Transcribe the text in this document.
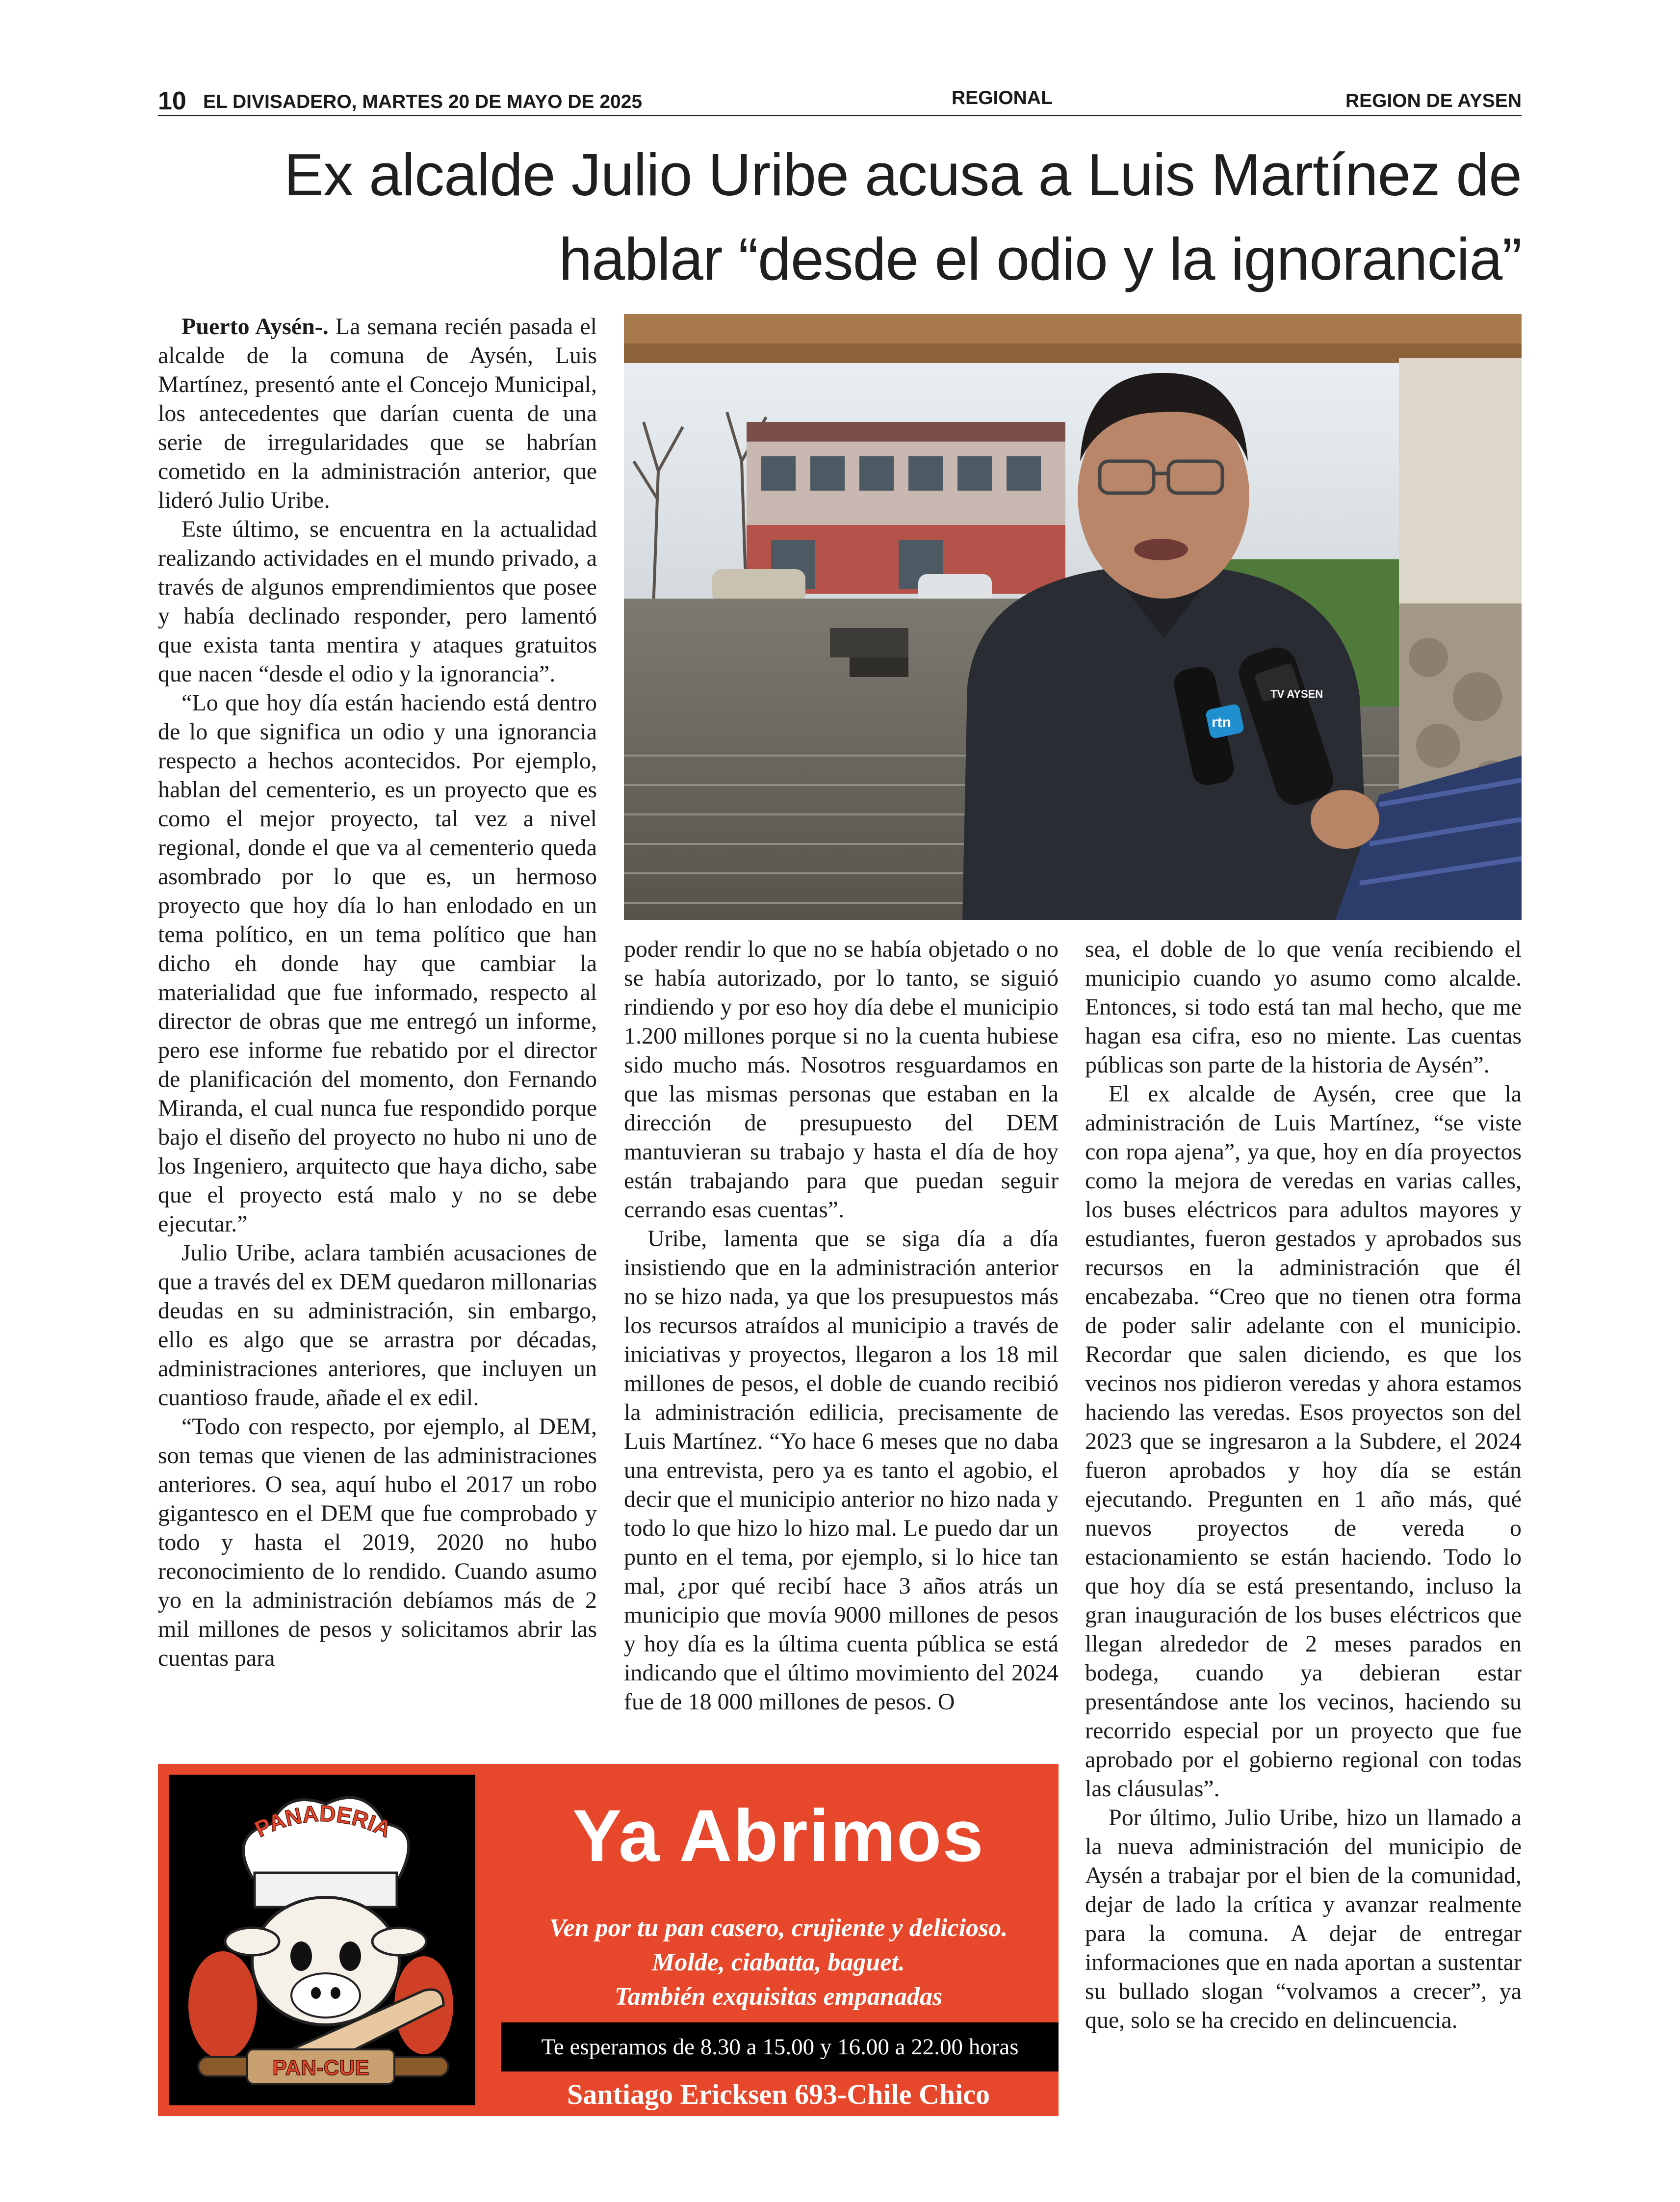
10 EL DIVISADERO, MARTES 20 DE MAYO DE 2025	REGIONAL	REGION DE AYSEN
Ex alcalde Julio Uribe acusa a Luis Martínez de
hablar “desde el odio y la ignorancia”

Puerto Aysén-. La semana recién pasada el alcalde de la comuna de Aysén, Luis Martínez, presentó ante el Concejo Municipal, los antecedentes que darían cuenta de una serie de irregularidades que se habrían cometido en la administración anterior, que lideró Julio Uribe.

Este último, se encuentra en la actualidad realizando actividades en el mundo privado, a través de algunos emprendimientos que posee y había declinado responder, pero lamentó que exista tanta mentira y ataques gratuitos que nacen “desde el odio y la ignorancia”.

“Lo que hoy día están haciendo está dentro de lo que significa un odio y una ignorancia respecto a hechos acontecidos. Por ejemplo, hablan del cementerio, es un proyecto que es como el mejor proyecto, tal vez a nivel regional, donde el que va al cementerio queda asombrado por lo que es, un hermoso proyecto que hoy día lo han enlodado en un tema político, en un tema político que han dicho eh donde hay que cambiar la materialidad que fue informado, respecto al director de obras que me entregó un informe, pero ese informe fue rebatido por el director de planificación del momento, don Fernando Miranda, el cual nunca fue respondido porque bajo el diseño del proyecto no hubo ni uno de los Ingeniero, arquitecto que haya dicho, sabe que el proyecto está malo y no se debe ejecutar.”

Julio Uribe, aclara también acusaciones de que a través del ex DEM quedaron millonarias deudas en su administración, sin embargo, ello es algo que se arrastra por décadas, administraciones anteriores, que incluyen un cuantioso fraude, añade el ex edil.

“Todo con respecto, por ejemplo, al DEM, son temas que vienen de las administraciones anteriores. O sea, aquí hubo el 2017 un robo gigantesco en el DEM que fue comprobado y todo y hasta el 2019, 2020 no hubo reconocimiento de lo rendido. Cuando asumo yo en la administración debíamos más de 2 mil millones de pesos y solicitamos abrir las cuentas para

TV AYSEN
rtn

poder rendir lo que no se había objetado o no se había autorizado, por lo tanto, se siguió rindiendo y por eso hoy día debe el municipio 1.200 millones porque si no la cuenta hubiese sido mucho más. Nosotros resguardamos en que las mismas personas que estaban en la dirección de presupuesto del DEM mantuvieran su trabajo y hasta el día de hoy están trabajando para que puedan seguir cerrando esas cuentas”.

Uribe, lamenta que se siga día a día insistiendo que en la administración anterior no se hizo nada, ya que los presupuestos más los recursos atraídos al municipio a través de iniciativas y proyectos, llegaron a los 18 mil millones de pesos, el doble de cuando recibió la administración edilicia, precisamente de Luis Martínez. “Yo hace 6 meses que no daba una entrevista, pero ya es tanto el agobio, el decir que el municipio anterior no hizo nada y todo lo que hizo lo hizo mal. Le puedo dar un punto en el tema, por ejemplo, si lo hice tan mal, ¿por qué recibí hace 3 años atrás un municipio que movía 9000 millones de pesos y hoy día es la última cuenta pública se está indicando que el último movimiento del 2024 fue de 18 000 millones de pesos. O

sea, el doble de lo que venía recibiendo el municipio cuando yo asumo como alcalde. Entonces, si todo está tan mal hecho, que me hagan esa cifra, eso no miente. Las cuentas públicas son parte de la historia de Aysén”.

El ex alcalde de Aysén, cree que la administración de Luis Martínez, “se viste con ropa ajena”, ya que, hoy en día proyectos como la mejora de veredas en varias calles, los buses eléctricos para adultos mayores y estudiantes, fueron gestados y aprobados sus recursos en la administración que él encabezaba. “Creo que no tienen otra forma de poder salir adelante con el municipio. Recordar que salen diciendo, es que los vecinos nos pidieron veredas y ahora estamos haciendo las veredas. Esos proyectos son del 2023 que se ingresaron a la Subdere, el 2024 fueron aprobados y hoy día se están ejecutando. Pregunten en 1 año más, qué nuevos proyectos de vereda o estacionamiento se están haciendo. Todo lo que hoy día se está presentando, incluso la gran inauguración de los buses eléctricos que llegan alrededor de 2 meses parados en bodega, cuando ya debieran estar presentándose ante los vecinos, haciendo su recorrido especial por un proyecto que fue aprobado por el gobierno regional con todas las cláusulas”.

Por último, Julio Uribe, hizo un llamado a la nueva administración del municipio de Aysén a trabajar por el bien de la comunidad, dejar de lado la crítica y avanzar realmente para la comuna. A dejar de entregar informaciones que en nada aportan a sustentar su bullado slogan “volvamos a crecer”, ya que, solo se ha crecido en delincuencia.

PANADERIA
PAN-CUE
Ya Abrimos
Ven por tu pan casero, crujiente y delicioso.
Molde, ciabatta, baguet.
También exquisitas empanadas
Te esperamos de 8.30 a 15.00 y 16.00 a 22.00 horas
Santiago Ericksen 693-Chile Chico
